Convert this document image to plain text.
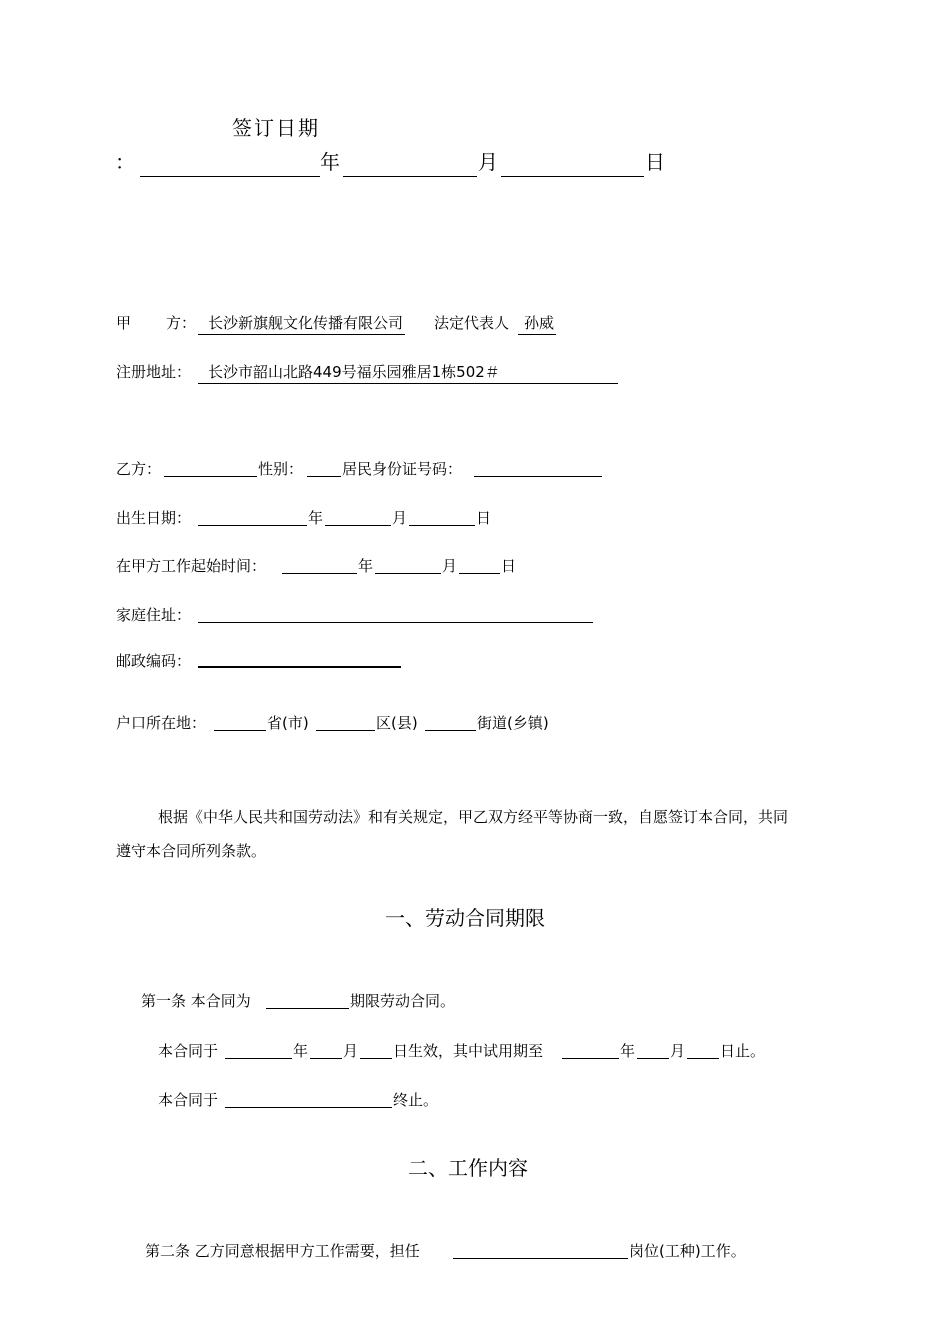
签订日期
：	年	月	日
甲 方： 长沙新旗舰文化传播有限公司 法定代表人 孙威
注册地址：	长沙市韶山北路449号福乐园雅居1栋502＃
乙方：	性别：	居民身份证号码：
出生日期：	年	月	日
在甲方工作起始时间：	年	月	日
家庭住址：
邮政编码：
户口所在地：	省(市)	区(县)	街道(乡镇)
根据《中华人民共和国劳动法》和有关规定，甲乙双方经平等协商一致，自愿签订本合同，共同
遵守本合同所列条款。
一、劳动合同期限
第一条 本合同为	期限劳动合同。
本合同于	年 月 日生效，其中试用期至	年 月 日止。
本合同于	终止。
二、工作内容
第二条 乙方同意根据甲方工作需要，担任	岗位(工种)工作。
